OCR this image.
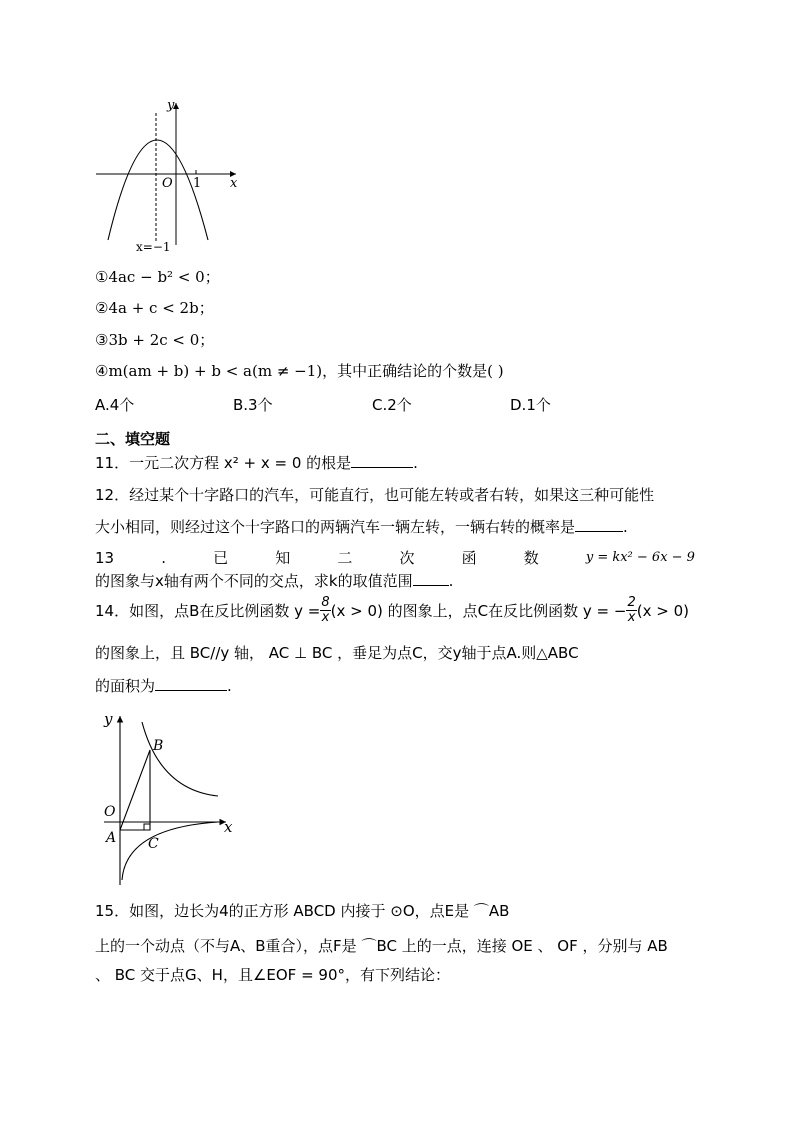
y
x
O 1
x=−1
①4ac − b² < 0；
②4a + c < 2b；
③3b + 2c < 0；
④m(am + b) + b < a(m ≠ −1)，其中正确结论的个数是( )
A.4个	B.3个	C.2个	D.1个
二、填空题
11．一元二次方程 x² + x = 0 的根是	.
12．经过某个十字路口的汽车，可能直行，也可能左转或者右转，如果这三种可能性
大小相同，则经过这个十字路口的两辆汽车一辆左转，一辆右转的概率是	.
13	.	已	知	二	次	函	数	y = kx² − 6x − 9
的图象与x轴有两个不同的交点，求k的取值范围 .
14．如图，点B在反比例函数 $y = \frac{8}{x} (x > 0)$ 的图象上，点C在反比例函数 y = − $\frac{2}{x} (x > 0)$
的图象上，且 BC//y 轴， AC ⊥ BC ，垂足为点C，交y轴于点A.则△ABC
的面积为	.
y
x
O
A
B
C
15．如图，边长为4的正方形 ABCD 内接于 ⊙O，点E是 ⌒AB
上的一个动点（不与A、B重合），点F是 ⌒BC 上的一点，连接 OE 、 OF ，分别与 AB
、 BC 交于点G、H，且∠EOF = 90°，有下列结论：
